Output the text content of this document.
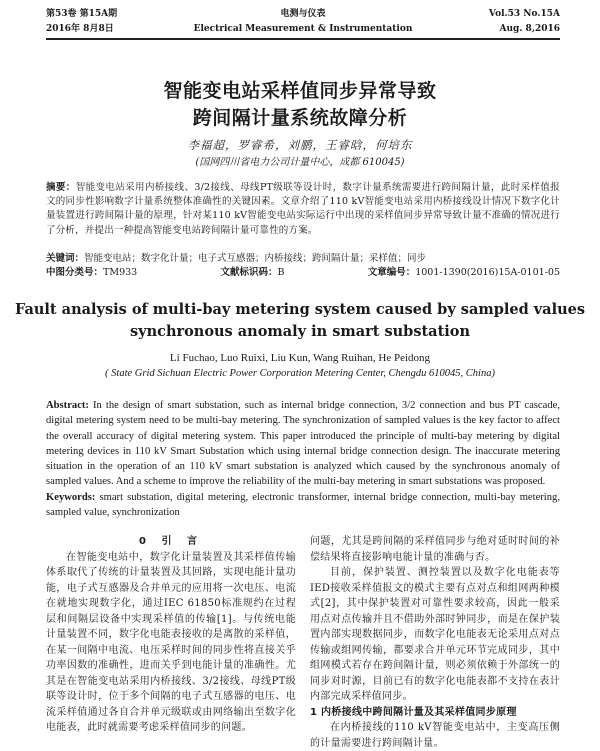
第53卷 第15A期	电测与仪表	Vol.53 No.15A
2016年 8月8日	Electrical Measurement & Instrumentation	Aug. 8,2016
智能变电站采样值同步异常导致
跨间隔计量系统故障分析
李福超，罗睿希，刘鹏，王睿晗，何培东
(国网四川省电力公司计量中心，成都 610045)
摘要：智能变电站采用内桥接线、3/2接线、母线PT级联等设计时，数字计量系统需要进行跨间隔计量，此时采样值报文的同步性影响数字计量系统整体准确性的关键因素。文章介绍了110 kV智能变电站采用内桥接线设计情况下数字化计量装置进行跨间隔计量的原理，针对某110 kV智能变电站实际运行中出现的采样值同步异常导致计量不准确的情况进行了分析，并提出一种提高智能变电站跨间隔计量可靠性的方案。
关键词：智能变电站；数字化计量；电子式互感器；内桥接线；跨间隔计量；采样值；同步
中图分类号：TM933	文献标识码：B	文章编号：1001-1390(2016)15A-0101-05
Fault analysis of multi-bay metering system caused by sampled values
synchronous anomaly in smart substation
Li Fuchao, Luo Ruixi, Liu Kun, Wang Ruihan, He Peidong
( State Grid Sichuan Electric Power Corporation Metering Center, Chengdu 610045, China)
Abstract: In the design of smart substation, such as internal bridge connection, 3/2 connection and bus PT cascade, digital metering system need to be multi-bay metering. The synchronization of sampled values is the key factor to affect the overall accuracy of digital metering system. This paper introduced the principle of multi-bay metering by digital metering devices in 110 kV Smart Substation which using internal bridge connection design. The inaccurate metering situation in the operation of an 110 kV smart substation is analyzed which caused by the synchronous anomaly of sampled values. And a scheme to improve the reliability of the multi-bay metering in smart substations was proposed.
Keywords: smart substation, digital metering, electronic transformer, internal bridge connection, multi-bay metering, sampled value, synchronization
0 引 言

在智能变电站中，数字化计量装置及其采样值传输体系取代了传统的计量装置及其回路，实现电能计量功能，电子式互感器及合并单元的应用将一次电压、电流在就地实现数字化，通过IEC 61850标准规约在过程层和间隔层设备中实现采样值的传输[1]。与传统电能计量装置不同，数字化电能表接收的是离散的采样值，在某一间隔中电流、电压采样时间的同步性将直接关乎功率因数的准确性，进而关乎到电能计量的准确性。尤其是在智能变电站采用内桥接线、3/2接线、母线PT级联等设计时，位于多个间隔的电子式互感器的电压、电流采样值通过各自合并单元级联或由网络输出至数字化电能表，此时就需要考虑采样值同步的问题。

问题，尤其是跨间隔的采样值同步与绝对延时时间的补偿结果将直接影响电能计量的准确与否。

目前，保护装置、测控装置以及数字化电能表等IED接收采样值报文的模式主要有点对点和组网两种模式[2]，其中保护装置对可靠性要求较高，因此一般采用点对点传输并且不借助外部时钟同步，而是在保护装置内部实现数据同步，而数字化电能表无论采用点对点传输或组网传输，都要求合并单元环节完成同步，其中组网模式若存在跨间隔计量，则必须依赖于外部统一的同步对时源，目前已有的数字化电能表都不支持在表计内部完成采样值同步。

1 内桥接线中跨间隔计量及其采样值同步原理

在内桥接线的110 kV智能变电站中，主变高压侧的计量需要进行跨间隔计量。
